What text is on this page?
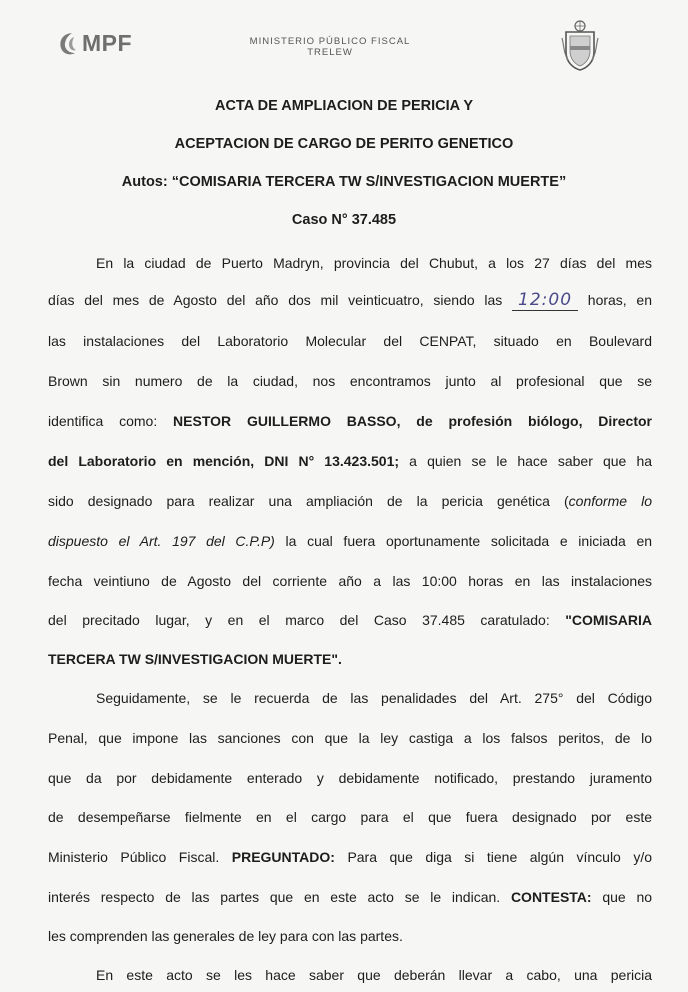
MPF	MINISTERIO PÚBLICO FISCAL
TRELEW
ACTA DE AMPLIACION DE PERICIA Y
ACEPTACION DE CARGO DE PERITO GENETICO
Autos: “COMISARIA TERCERA TW S/INVESTIGACION MUERTE”
Caso N° 37.485
En la ciudad de Puerto Madryn, provincia del Chubut, a los 27 días del mes
días del mes de Agosto del año dos mil veinticuatro, siendo las 12:00 horas, en
las instalaciones del Laboratorio Molecular del CENPAT, situado en Boulevard
Brown sin numero de la ciudad, nos encontramos junto al profesional que se
identifica como: NESTOR GUILLERMO BASSO, de profesión biólogo, Director
del Laboratorio en mención, DNI N° 13.423.501; a quien se le hace saber que ha
sido designado para realizar una ampliación de la pericia genética (conforme lo
dispuesto el Art. 197 del C.P.P) la cual fuera oportunamente solicitada e iniciada en
fecha veintiuno de Agosto del corriente año a las 10:00 horas en las instalaciones
del precitado lugar, y en el marco del Caso 37.485 caratulado: "COMISARIA
TERCERA TW S/INVESTIGACION MUERTE".
Seguidamente, se le recuerda de las penalidades del Art. 275° del Código
Penal, que impone las sanciones con que la ley castiga a los falsos peritos, de lo
que da por debidamente enterado y debidamente notificado, prestando juramento
de desempeñarse fielmente en el cargo para el que fuera designado por este
Ministerio Público Fiscal. PREGUNTADO: Para que diga si tiene algún vínculo y/o
interés respecto de las partes que en este acto se le indican. CONTESTA: que no
les comprenden las generales de ley para con las partes.
En este acto se les hace saber que deberán llevar a cabo, una pericia
